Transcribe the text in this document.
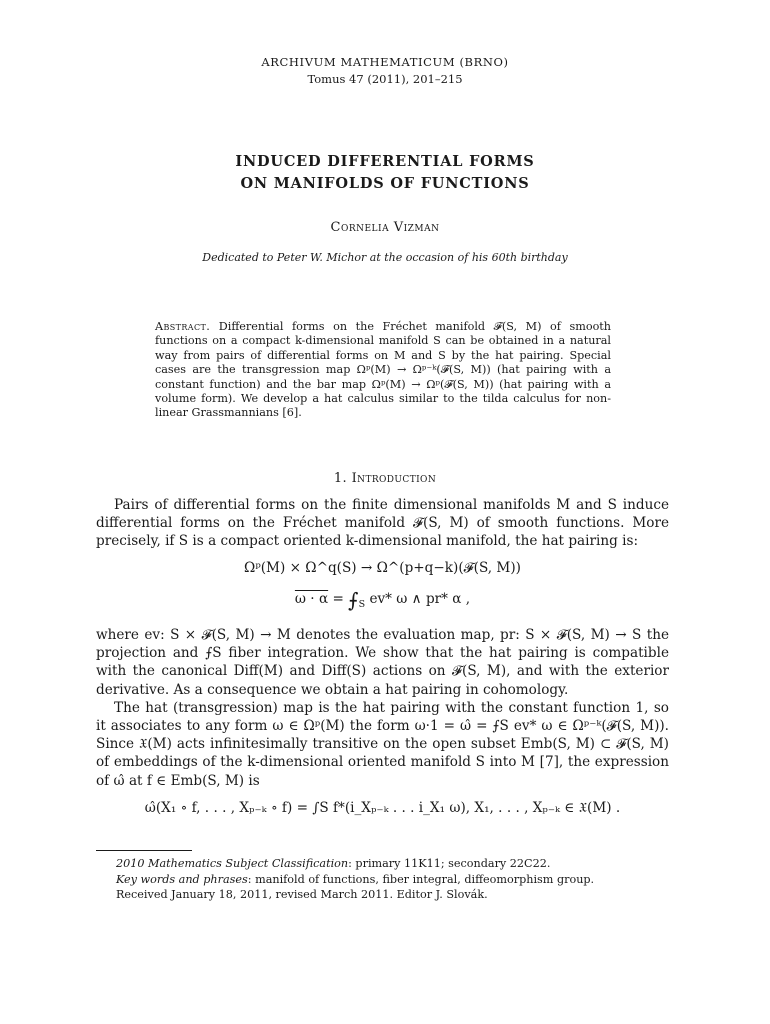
ARCHIVUM MATHEMATICUM (BRNO)
Tomus 47 (2011), 201–215
INDUCED DIFFERENTIAL FORMS
ON MANIFOLDS OF FUNCTIONS
Cornelia Vizman
Dedicated to Peter W. Michor at the occasion of his 60th birthday
Abstract. Differential forms on the Fréchet manifold 𝓕(S, M) of smooth functions on a compact k-dimensional manifold S can be obtained in a natural way from pairs of differential forms on M and S by the hat pairing. Special cases are the transgression map Ωᵖ(M) → Ωᵖ⁻ᵏ(𝓕(S, M)) (hat pairing with a constant function) and the bar map Ωᵖ(M) → Ωᵖ(𝓕(S, M)) (hat pairing with a volume form). We develop a hat calculus similar to the tilda calculus for non-linear Grassmannians [6].
1. Introduction
Pairs of differential forms on the finite dimensional manifolds M and S induce differential forms on the Fréchet manifold 𝓕(S, M) of smooth functions. More precisely, if S is a compact oriented k-dimensional manifold, the hat pairing is:
Ωᵖ(M) × Ω^q(S) → Ω^(p+q−k)(𝓕(S, M))
$\omega \cdot \alpha = ⨍_S$ ev* ω ∧ pr* α ,
where ev: S × 𝓕(S, M) → M denotes the evaluation map, pr: S × 𝓕(S, M) → S the projection and ⨍S fiber integration. We show that the hat pairing is compatible with the canonical Diff(M) and Diff(S) actions on 𝓕(S, M), and with the exterior derivative. As a consequence we obtain a hat pairing in cohomology.
The hat (transgression) map is the hat pairing with the constant function 1, so it associates to any form ω ∈ Ωᵖ(M) the form ω·1 = ω̂ = ⨍S ev* ω ∈ Ωᵖ⁻ᵏ(𝓕(S, M)). Since 𝔛(M) acts infinitesimally transitive on the open subset Emb(S, M) ⊂ 𝓕(S, M) of embeddings of the k-dimensional oriented manifold S into M [7], the expression of ω̂ at f ∈ Emb(S, M) is
ω̂(X₁ ∘ f, . . . , Xₚ₋ₖ ∘ f) = ∫S f*(i_Xₚ₋ₖ . . . i_X₁ ω), X₁, . . . , Xₚ₋ₖ ∈ 𝔛(M) .
2010 Mathematics Subject Classification: primary 11K11; secondary 22C22.
Key words and phrases: manifold of functions, fiber integral, diffeomorphism group.
Received January 18, 2011, revised March 2011. Editor J. Slovák.
